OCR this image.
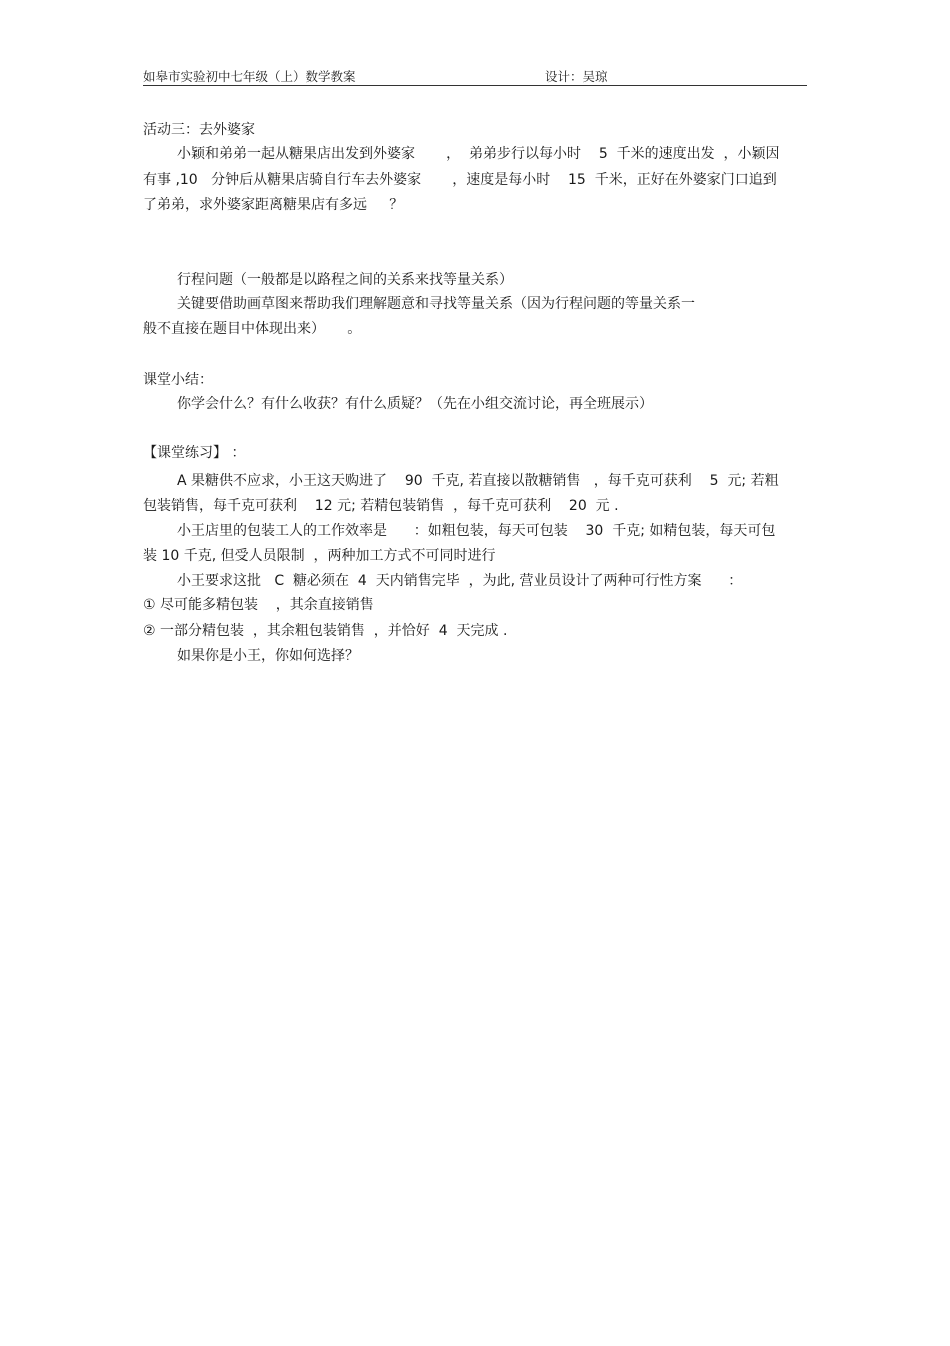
如皋市实验初中七年级（上）数学教案	设计：吴琼
活动三：去外婆家
小颖和弟弟一起从糖果店出发到外婆家       ，  弟弟步行以每小时    5  千米的速度出发  ，小颖因
有事 ,10   分钟后从糖果店骑自行车去外婆家       ，速度是每小时    15  千米，正好在外婆家门口追到
了弟弟，求外婆家距离糖果店有多远     ？
行程问题（一般都是以路程之间的关系来找等量关系）
关键要借助画草图来帮助我们理解题意和寻找等量关系（因为行程问题的等量关系一
般不直接在题目中体现出来）     。
课堂小结：
你学会什么？有什么收获？有什么质疑？（先在小组交流讨论，再全班展示）
【课堂练习】 ：
A 果糖供不应求，小王这天购进了    90  千克, 若直接以散糖销售   ，每千克可获利    5  元; 若粗
包装销售，每千克可获利    12 元; 若精包装销售  ，每千克可获利    20  元 .
小王店里的包装工人的工作效率是      ：如粗包装，每天可包装    30  千克; 如精包装，每天可包
装 10 千克, 但受人员限制  ，两种加工方式不可同时进行
小王要求这批   C  糖必须在  4  天内销售完毕  ，为此, 营业员设计了两种可行性方案      ：
① 尽可能多精包装    ，其余直接销售
② 一部分精包装  ，其余粗包装销售  ，并恰好  4  天完成 .
如果你是小王，你如何选择？
